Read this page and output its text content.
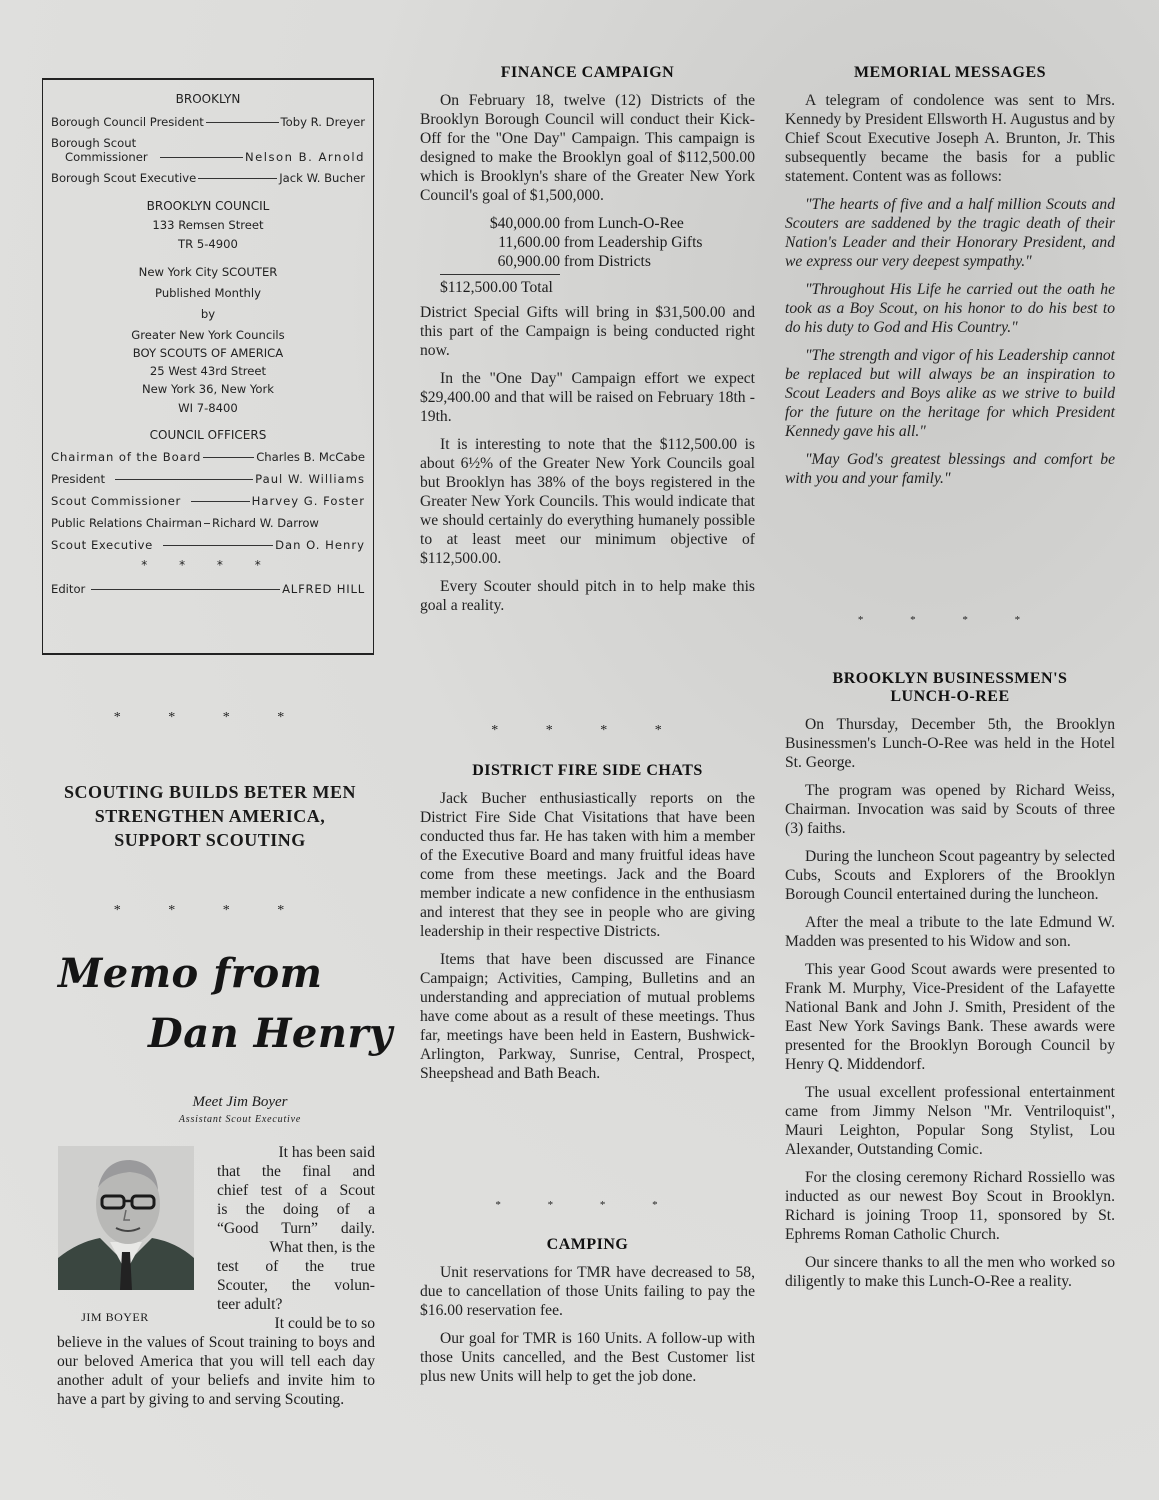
BROOKLYN
Borough Council President	Toby R. Dreyer
Borough Scout
Commissioner	Nelson B. Arnold
Borough Scout Executive	Jack W. Bucher
BROOKLYN COUNCIL
133 Remsen Street
TR 5-4900
New York City SCOUTER
Published Monthly
by
Greater New York Councils
BOY SCOUTS OF AMERICA
25 West 43rd Street
New York 36, New York
WI 7-8400
COUNCIL OFFICERS
Chairman of the Board	Charles B. McCabe
President	Paul W. Williams
Scout Commissioner	Harvey G. Foster
Public Relations Chairman Richard W. Darrow
Scout Executive	Dan O. Henry
* * * *
Editor	ALFRED HILL
* * * *
SCOUTING BUILDS BETER MEN
STRENGTHEN AMERICA,
SUPPORT SCOUTING
* * * *
Memo from
Dan Henry
Meet Jim Boyer
Assistant Scout Executive
JIM BOYER
It has been said
that the final and
chief test of a Scout
is the doing of a
“Good Turn” daily.
What then, is the
test of the true
Scouter, the volun-
teer adult?
It could be to so
believe in the values of Scout training to boys and our beloved America that you will tell each day another adult of your beliefs and invite him to have a part by giving to and serving Scouting.
FINANCE CAMPAIGN

On February 18, twelve (12) Districts of the Brooklyn Borough Council will conduct their Kick-Off for the "One Day" Campaign. This campaign is designed to make the Brooklyn goal of $112,500.00 which is Brooklyn's share of the Greater New York Council's goal of $1,500,000.

$40,000.00 from Lunch-O-Ree
11,600.00 from Leadership Gifts
60,900.00 from Districts
$112,500.00 Total

District Special Gifts will bring in $31,500.00 and this part of the Campaign is being conducted right now.

In the "One Day" Campaign effort we expect $29,400.00 and that will be raised on February 18th - 19th.

It is interesting to note that the $112,500.00 is about 6½% of the Greater New York Councils goal but Brooklyn has 38% of the boys registered in the Greater New York Councils. This would indicate that we should certainly do everything humanely possible to at least meet our minimum objective of $112,500.00.

Every Scouter should pitch in to help make this goal a reality.

* * * *
DISTRICT FIRE SIDE CHATS

Jack Bucher enthusiastically reports on the District Fire Side Chat Visitations that have been conducted thus far. He has taken with him a member of the Executive Board and many fruitful ideas have come from these meetings. Jack and the Board member indicate a new confidence in the enthusiasm and interest that they see in people who are giving leadership in their respective Districts.

Items that have been discussed are Finance Campaign; Activities, Camping, Bulletins and an understanding and appreciation of mutual problems have come about as a result of these meetings. Thus far, meetings have been held in Eastern, Bushwick-Arlington, Parkway, Sunrise, Central, Prospect, Sheepshead and Bath Beach.

* * * *
CAMPING

Unit reservations for TMR have decreased to 58, due to cancellation of those Units failing to pay the $16.00 reservation fee.

Our goal for TMR is 160 Units. A follow-up with those Units cancelled, and the Best Customer list plus new Units will help to get the job done.

MEMORIAL MESSAGES

A telegram of condolence was sent to Mrs. Kennedy by President Ellsworth H. Augustus and by Chief Scout Executive Joseph A. Brunton, Jr. This subsequently became the basis for a public statement. Content was as follows:

"The hearts of five and a half million Scouts and Scouters are saddened by the tragic death of their Nation's Leader and their Honorary President, and we express our very deepest sympathy."

"Throughout His Life he carried out the oath he took as a Boy Scout, on his honor to do his best to do his duty to God and His Country."

"The strength and vigor of his Leadership cannot be replaced but will always be an inspiration to Scout Leaders and Boys alike as we strive to build for the future on the heritage for which President Kennedy gave his all."

"May God's greatest blessings and comfort be with you and your family."

* * * *
BROOKLYN BUSINESSMEN'S
LUNCH-O-REE

On Thursday, December 5th, the Brooklyn Businessmen's Lunch-O-Ree was held in the Hotel St. George.

The program was opened by Richard Weiss, Chairman. Invocation was said by Scouts of three (3) faiths.

During the luncheon Scout pageantry by selected Cubs, Scouts and Explorers of the Brooklyn Borough Council entertained during the luncheon.

After the meal a tribute to the late Edmund W. Madden was presented to his Widow and son.

This year Good Scout awards were presented to Frank M. Murphy, Vice-President of the Lafayette National Bank and John J. Smith, President of the East New York Savings Bank. These awards were presented for the Brooklyn Borough Council by Henry Q. Middendorf.

The usual excellent professional entertainment came from Jimmy Nelson "Mr. Ventriloquist", Mauri Leighton, Popular Song Stylist, Lou Alexander, Outstanding Comic.

For the closing ceremony Richard Rossiello was inducted as our newest Boy Scout in Brooklyn. Richard is joining Troop 11, sponsored by St. Ephrems Roman Catholic Church.

Our sincere thanks to all the men who worked so diligently to make this Lunch-O-Ree a reality.
